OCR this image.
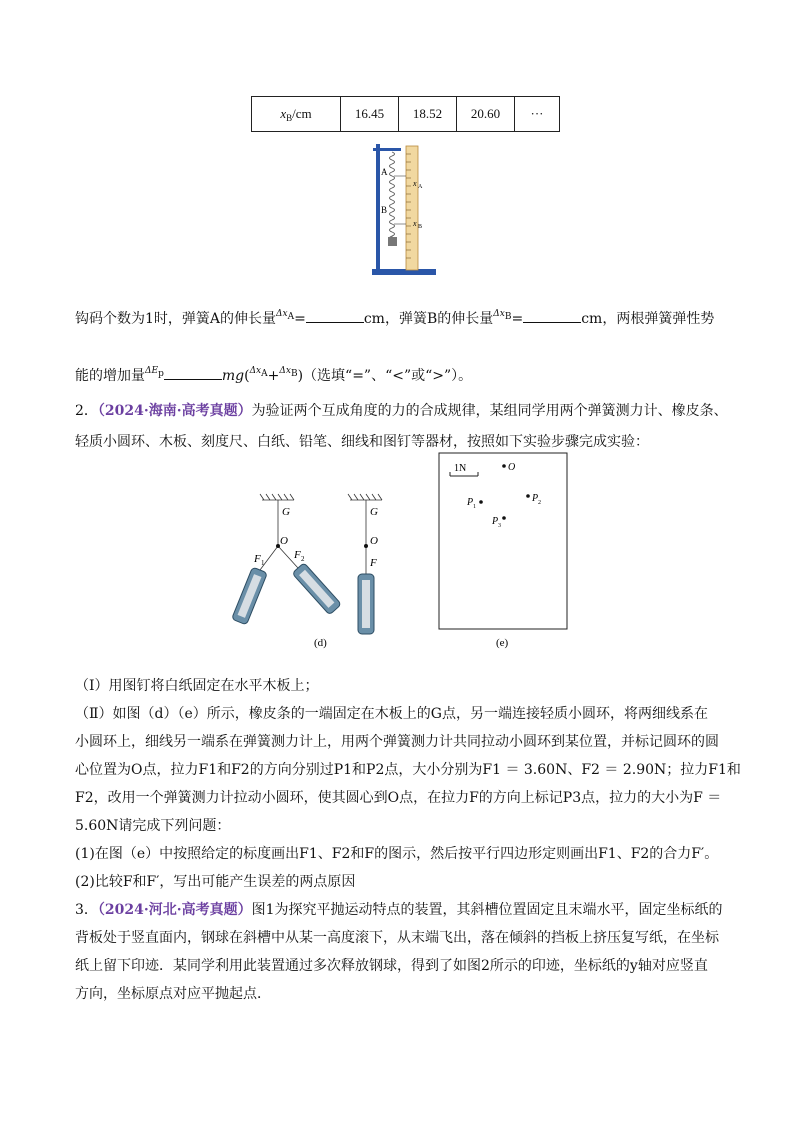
$x_B/cm$	16.45	18.52	20.60	···
A
B
x A
x B
钩码个数为1时，弹簧A的伸长量$^{\Delta xA}$=	cm，弹簧B的伸长量$^{\Delta xB}$=	cm，两根弹簧弹性势
能的增加量$^{\Delta Ep}$	mg($^{\Delta xA}$+$^{\Delta xB}$)（选填“=”、“<”或“>”）。
2．（2024·海南·高考真题）为验证两个互成角度的力的合成规律，某组同学用两个弹簧测力计、橡皮条、
轻质小圆环、木板、刻度尺、白纸、铅笔、细线和图钉等器材，按照如下实验步骤完成实验：
G
O
F 1
F 2
G
O
F
(d)
1N	O
P 1
P 2
P 3
(e)
（Ⅰ）用图钉将白纸固定在水平木板上；
（Ⅱ）如图（d）（e）所示，橡皮条的一端固定在木板上的G点，另一端连接轻质小圆环，将两细线系在
小圆环上，细线另一端系在弹簧测力计上，用两个弹簧测力计共同拉动小圆环到某位置，并标记圆环的圆
心位置为O点，拉力F1和F2的方向分别过P1和P2点，大小分别为F1 ＝ 3.60N、F2 ＝ 2.90N；拉力F1和
F2，改用一个弹簧测力计拉动小圆环，使其圆心到O点，在拉力F的方向上标记P3点，拉力的大小为F ＝
5.60N请完成下列问题：
(1)在图（e）中按照给定的标度画出F1、F2和F的图示，然后按平行四边形定则画出F1、F2的合力F′。
(2)比较F和F′，写出可能产生误差的两点原因
3．（2024·河北·高考真题）图1为探究平抛运动特点的装置，其斜槽位置固定且末端水平，固定坐标纸的
背板处于竖直面内，钢球在斜槽中从某一高度滚下，从末端飞出，落在倾斜的挡板上挤压复写纸，在坐标
纸上留下印迹．某同学利用此装置通过多次释放钢球，得到了如图2所示的印迹，坐标纸的y轴对应竖直
方向，坐标原点对应平抛起点．
